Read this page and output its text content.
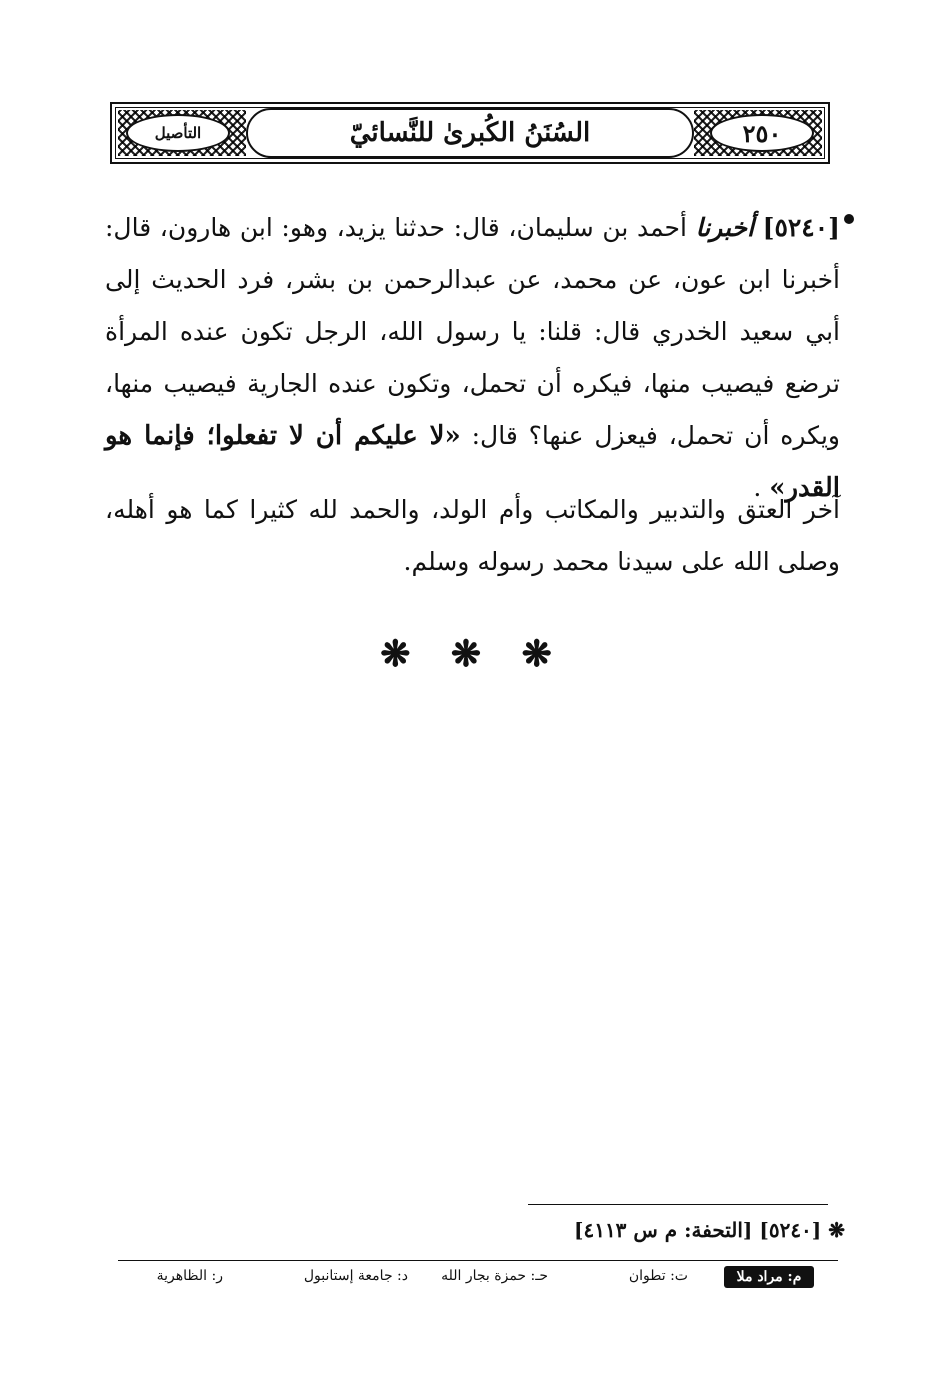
التأصيل	٢٥٠
السُنَنُ الكُبرىٰ للنَّسائيّ
[٥٢٤٠] أخبرنا أحمد بن سليمان، قال: حدثنا يزيد، وهو: ابن هارون، قال: أخبرنا ابن عون، عن محمد، عن عبدالرحمن بن بشر، فرد الحديث إلى أبي سعيد الخدري قال: قلنا: يا رسول الله، الرجل تكون عنده المرأة ترضع فيصيب منها، فيكره أن تحمل، وتكون عنده الجارية فيصيب منها، ويكره أن تحمل، فيعزل عنها؟ قال: «لا عليكم أن لا تفعلوا؛ فإنما هو القدر» .
آخر العتق والتدبير والمكاتب وأم الولد، والحمد لله كثيرا كما هو أهله، وصلى الله على سيدنا محمد رسوله وسلم.
❋ ❋ ❋
❋ [٥٢٤٠] [التحفة: م س ٤١١٣]
م: مراد ملا
ت: تطوان
حـ: حمزة بجار الله
د: جامعة إستانبول
ر: الظاهرية
